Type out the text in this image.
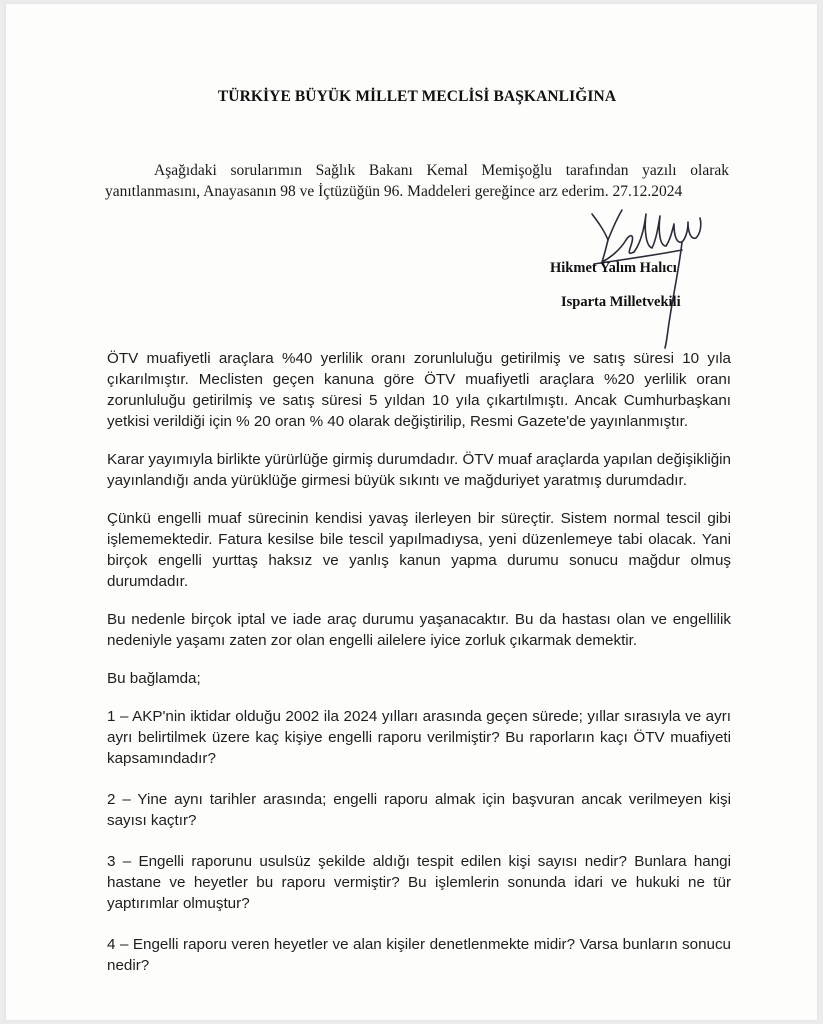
TÜRKİYE BÜYÜK MİLLET MECLİSİ BAŞKANLIĞINA
Aşağıdaki sorularımın Sağlık Bakanı Kemal Memişoğlu tarafından yazılı olarak yanıtlanmasını, Anayasanın 98 ve İçtüzüğün 96. Maddeleri gereğince arz ederim. 27.12.2024
Hikmet Yalım Halıcı
Isparta Milletvekili

ÖTV muafiyetli araçlara %40 yerlilik oranı zorunluluğu getirilmiş ve satış süresi 10 yıla çıkarılmıştır. Meclisten geçen kanuna göre ÖTV muafiyetli araçlara %20 yerlilik oranı zorunluluğu getirilmiş ve satış süresi 5 yıldan 10 yıla çıkartılmıştı. Ancak Cumhurbaşkanı yetkisi verildiği için % 20 oran % 40 olarak değiştirilip, Resmi Gazete'de yayınlanmıştır.

Karar yayımıyla birlikte yürürlüğe girmiş durumdadır. ÖTV muaf araçlarda yapılan değişikliğin yayınlandığı anda yürüklüğe girmesi büyük sıkıntı ve mağduriyet yaratmış durumdadır.

Çünkü engelli muaf sürecinin kendisi yavaş ilerleyen bir süreçtir. Sistem normal tescil gibi işlememektedir. Fatura kesilse bile tescil yapılmadıysa, yeni düzenlemeye tabi olacak. Yani birçok engelli yurttaş haksız ve yanlış kanun yapma durumu sonucu mağdur olmuş durumdadır.

Bu nedenle birçok iptal ve iade araç durumu yaşanacaktır. Bu da hastası olan ve engellilik nedeniyle yaşamı zaten zor olan engelli ailelere iyice zorluk çıkarmak demektir.

Bu bağlamda;

1 – AKP'nin iktidar olduğu 2002 ila 2024 yılları arasında geçen sürede; yıllar sırasıyla ve ayrı ayrı belirtilmek üzere kaç kişiye engelli raporu verilmiştir? Bu raporların kaçı ÖTV muafiyeti kapsamındadır?

2 – Yine aynı tarihler arasında; engelli raporu almak için başvuran ancak verilmeyen kişi sayısı kaçtır?

3 – Engelli raporunu usulsüz şekilde aldığı tespit edilen kişi sayısı nedir? Bunlara hangi hastane ve heyetler bu raporu vermiştir? Bu işlemlerin sonunda idari ve hukuki ne tür yaptırımlar olmuştur?

4 – Engelli raporu veren heyetler ve alan kişiler denetlenmekte midir? Varsa bunların sonucu nedir?
